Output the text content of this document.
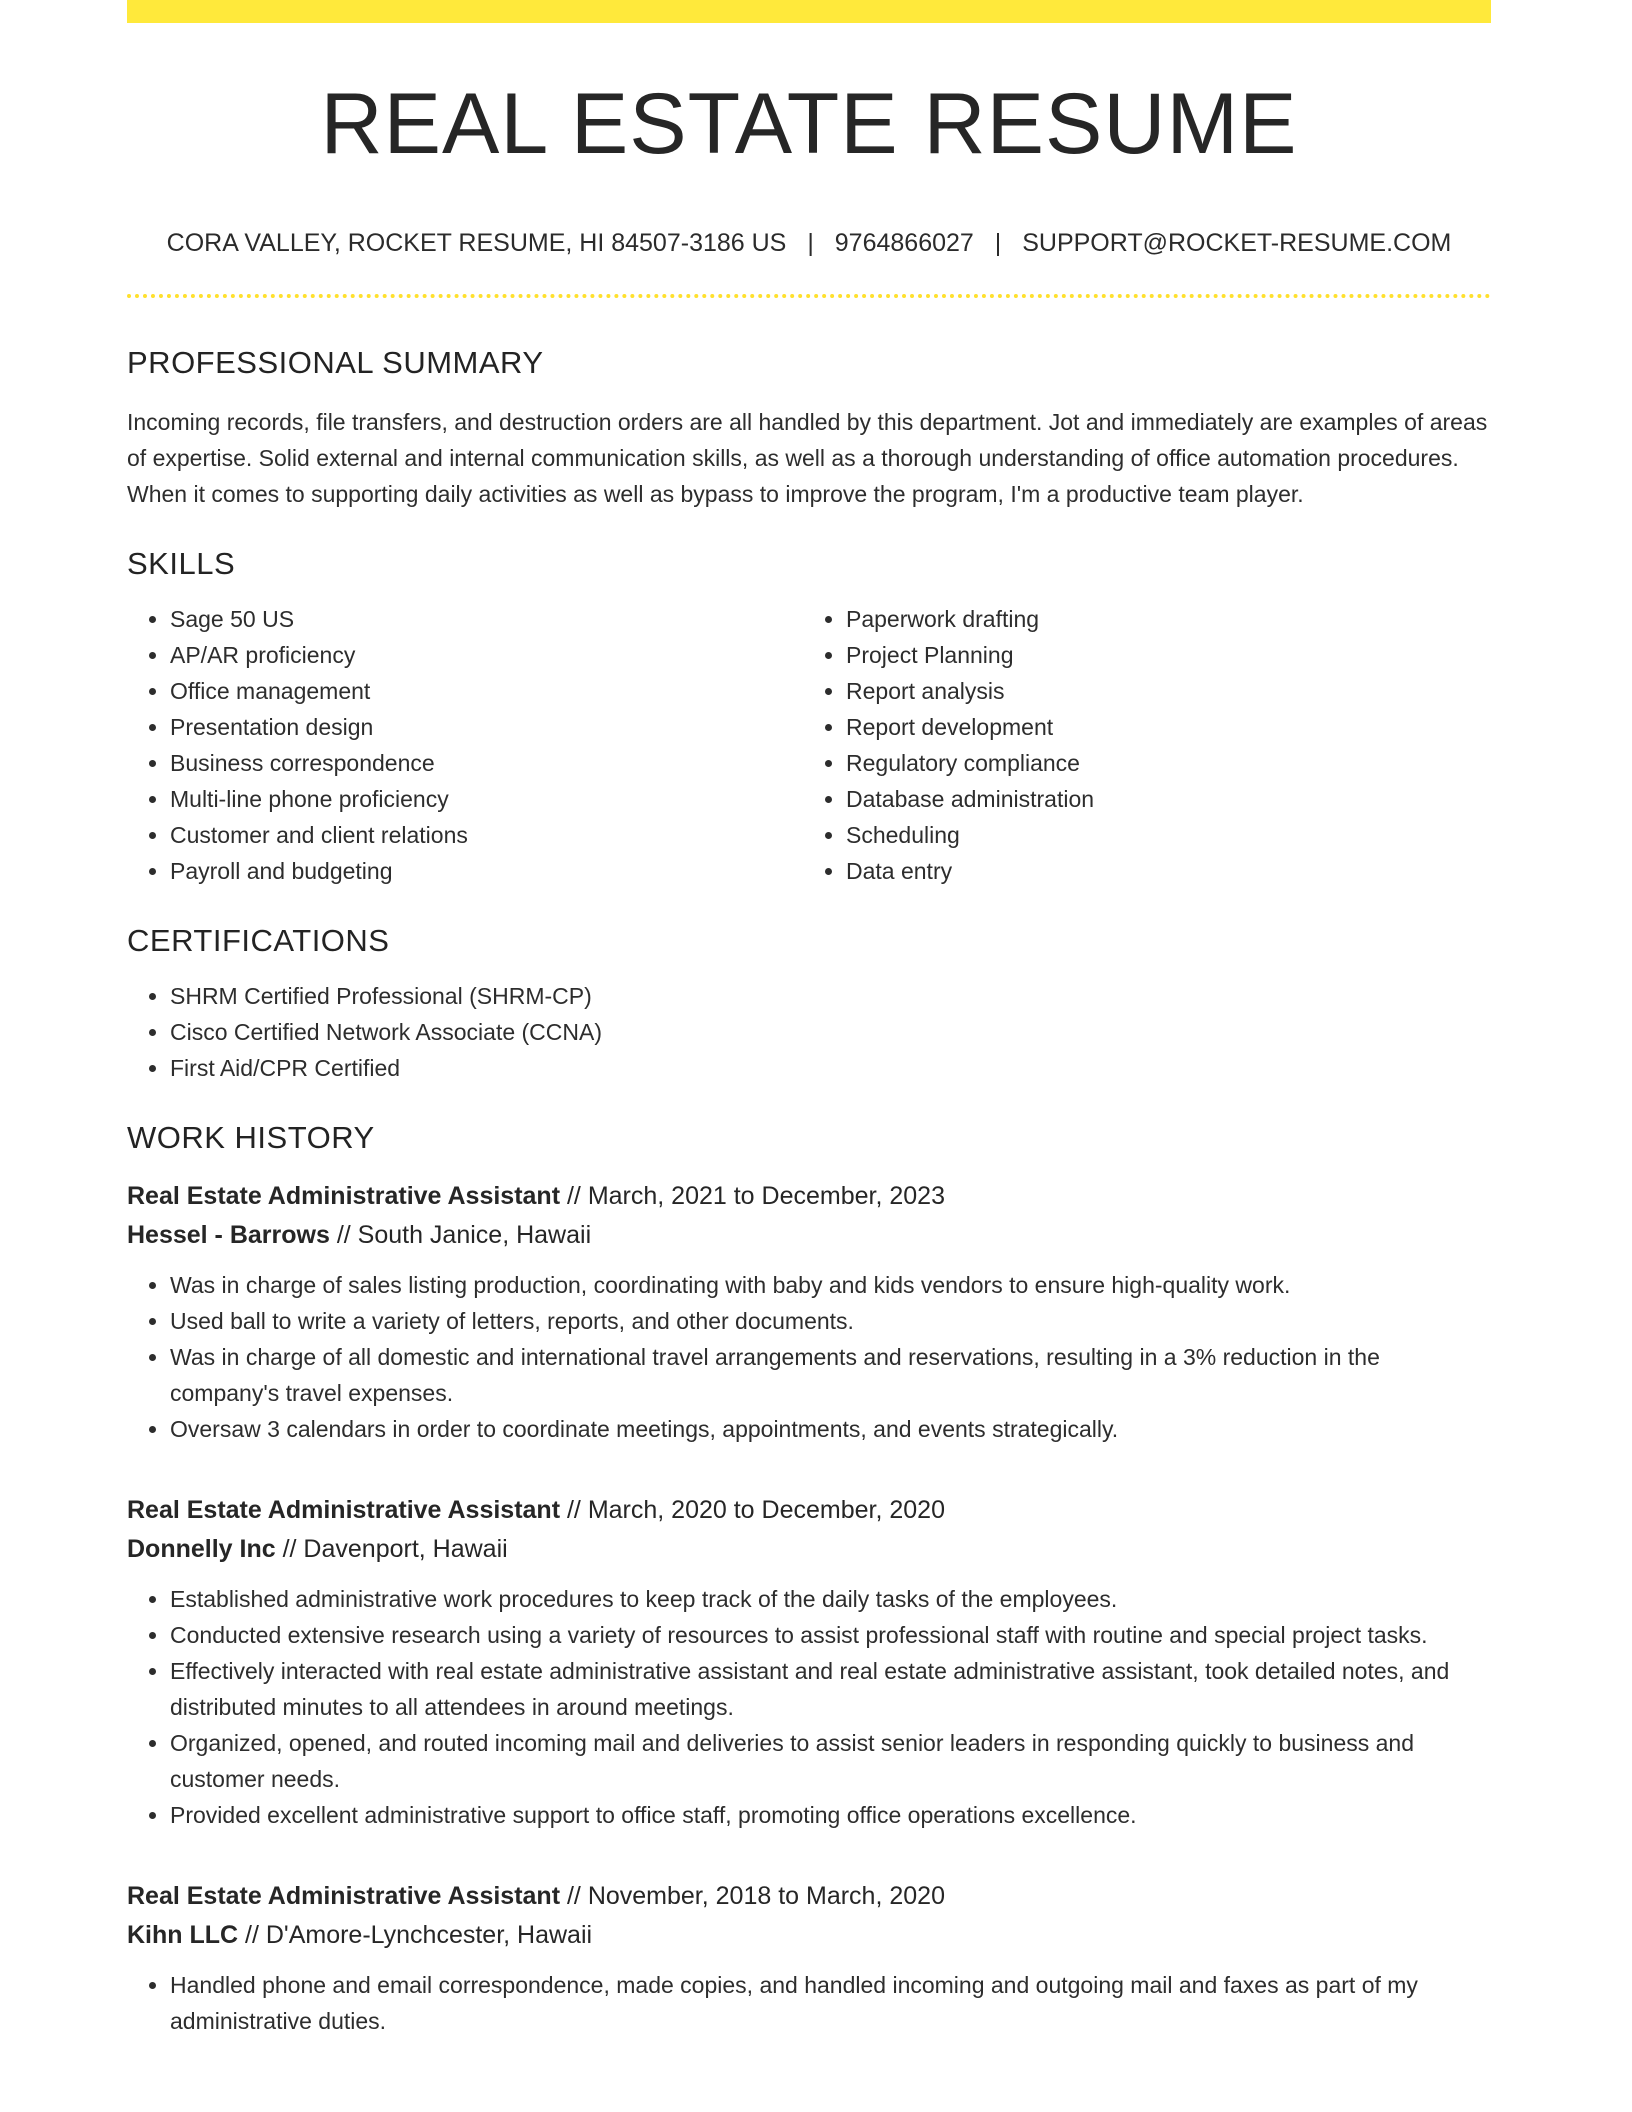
REAL ESTATE RESUME
CORA VALLEY, ROCKET RESUME, HI 84507-3186 US | 9764866027 | SUPPORT@ROCKET-RESUME.COM
PROFESSIONAL SUMMARY

Incoming records, file transfers, and destruction orders are all handled by this department. Jot and immediately are examples of areas of expertise. Solid external and internal communication skills, as well as a thorough understanding of office automation procedures. When it comes to supporting daily activities as well as bypass to improve the program, I'm a productive team player.

SKILLS
• Sage 50 US
• AP/AR proficiency
• Office management
• Presentation design
• Business correspondence
• Multi-line phone proficiency
• Customer and client relations
• Payroll and budgeting
• Paperwork drafting
• Project Planning
• Report analysis
• Report development
• Regulatory compliance
• Database administration
• Scheduling
• Data entry
CERTIFICATIONS
• SHRM Certified Professional (SHRM-CP)
• Cisco Certified Network Associate (CCNA)
• First Aid/CPR Certified
WORK HISTORY
Real Estate Administrative Assistant // March, 2021 to December, 2023
Hessel - Barrows // South Janice, Hawaii
• Was in charge of sales listing production, coordinating with baby and kids vendors to ensure high-quality work.
• Used ball to write a variety of letters, reports, and other documents.
• Was in charge of all domestic and international travel arrangements and reservations, resulting in a 3% reduction in the company's travel expenses.
• Oversaw 3 calendars in order to coordinate meetings, appointments, and events strategically.
Real Estate Administrative Assistant // March, 2020 to December, 2020
Donnelly Inc // Davenport, Hawaii
• Established administrative work procedures to keep track of the daily tasks of the employees.
• Conducted extensive research using a variety of resources to assist professional staff with routine and special project tasks.
• Effectively interacted with real estate administrative assistant and real estate administrative assistant, took detailed notes, and distributed minutes to all attendees in around meetings.
• Organized, opened, and routed incoming mail and deliveries to assist senior leaders in responding quickly to business and customer needs.
• Provided excellent administrative support to office staff, promoting office operations excellence.
Real Estate Administrative Assistant // November, 2018 to March, 2020
Kihn LLC // D'Amore-Lynchcester, Hawaii
• Handled phone and email correspondence, made copies, and handled incoming and outgoing mail and faxes as part of my administrative duties.
